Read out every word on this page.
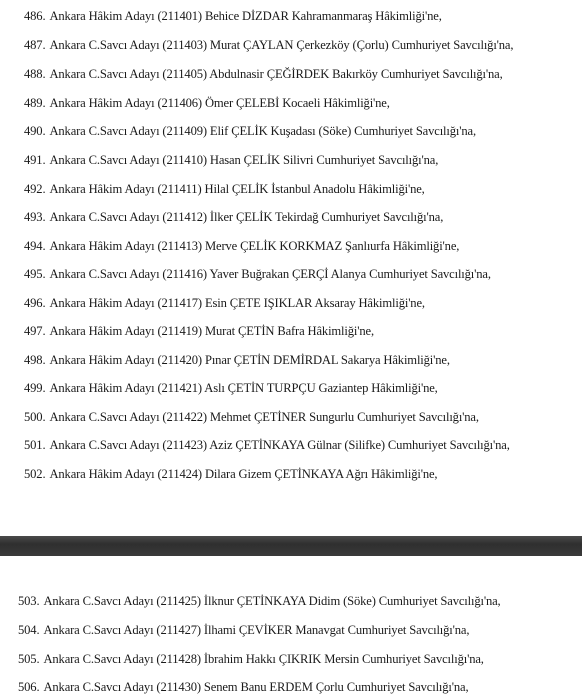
486. Ankara Hâkim Adayı (211401) Behice DİZDAR Kahramanmaraş Hâkimliği'ne,
487. Ankara C.Savcı Adayı (211403) Murat ÇAYLAN Çerkezköy (Çorlu) Cumhuriyet Savcılığı'na,
488. Ankara C.Savcı Adayı (211405) Abdulnasir ÇEĞİRDEK Bakırköy Cumhuriyet Savcılığı'na,
489. Ankara Hâkim Adayı (211406) Ömer ÇELEBİ Kocaeli Hâkimliği'ne,
490. Ankara C.Savcı Adayı (211409) Elif ÇELİK Kuşadası (Söke) Cumhuriyet Savcılığı'na,
491. Ankara C.Savcı Adayı (211410) Hasan ÇELİK Silivri Cumhuriyet Savcılığı'na,
492. Ankara Hâkim Adayı (211411) Hilal ÇELİK İstanbul Anadolu Hâkimliği'ne,
493. Ankara C.Savcı Adayı (211412) İlker ÇELİK Tekirdağ Cumhuriyet Savcılığı'na,
494. Ankara Hâkim Adayı (211413) Merve ÇELİK KORKMAZ Şanlıurfa Hâkimliği'ne,
495. Ankara C.Savcı Adayı (211416) Yaver Buğrakan ÇERÇİ Alanya Cumhuriyet Savcılığı'na,
496. Ankara Hâkim Adayı (211417) Esin ÇETE IŞIKLAR Aksaray Hâkimliği'ne,
497. Ankara Hâkim Adayı (211419) Murat ÇETİN Bafra Hâkimliği'ne,
498. Ankara Hâkim Adayı (211420) Pınar ÇETİN DEMİRDAL Sakarya Hâkimliği'ne,
499. Ankara Hâkim Adayı (211421) Aslı ÇETİN TURPÇU Gaziantep Hâkimliği'ne,
500. Ankara C.Savcı Adayı (211422) Mehmet ÇETİNER Sungurlu Cumhuriyet Savcılığı'na,
501. Ankara C.Savcı Adayı (211423) Aziz ÇETİNKAYA Gülnar (Silifke) Cumhuriyet Savcılığı'na,
502. Ankara Hâkim Adayı (211424) Dilara Gizem ÇETİNKAYA Ağrı Hâkimliği'ne,
503. Ankara C.Savcı Adayı (211425) İlknur ÇETİNKAYA Didim (Söke) Cumhuriyet Savcılığı'na,
504. Ankara C.Savcı Adayı (211427) İlhami ÇEVİKER Manavgat Cumhuriyet Savcılığı'na,
505. Ankara C.Savcı Adayı (211428) İbrahim Hakkı ÇIKRIK Mersin Cumhuriyet Savcılığı'na,
506. Ankara C.Savcı Adayı (211430) Senem Banu ERDEM Çorlu Cumhuriyet Savcılığı'na,
